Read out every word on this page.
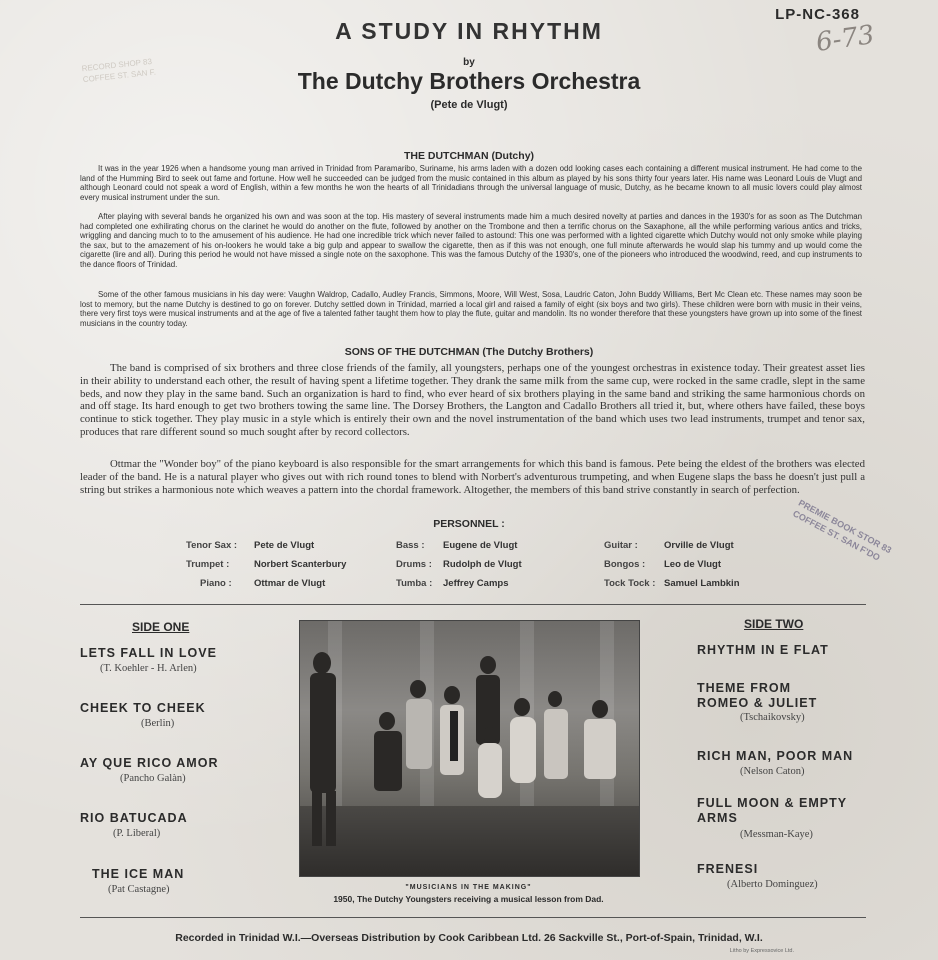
LP-NC-368
6-73
RECORD SHOP 83 COFFEE ST. SAN F.
A STUDY IN RHYTHM
by
The Dutchy Brothers Orchestra
(Pete de Vlugt)
THE DUTCHMAN (Dutchy)
It was in the year 1926 when a handsome young man arrived in Trinidad from Paramaribo, Suriname, his arms laden with a dozen odd looking cases each containing a different musical instrument. He had come to the land of the Humming Bird to seek out fame and fortune. How well he succeeded can be judged from the music contained in this album as played by his sons thirty four years later. His name was Leonard Louis de Vlugt and although Leonard could not speak a word of English, within a few months he won the hearts of all Trinidadians through the universal language of music, Dutchy, as he became known to all music lovers could play almost every musical instrument under the sun.
After playing with several bands he organized his own and was soon at the top. His mastery of several instruments made him a much desired novelty at parties and dances in the 1930's for as soon as The Dutchman had completed one exhilirating chorus on the clarinet he would do another on the flute, followed by another on the Trombone and then a terrific chorus on the Saxaphone, all the while performing various antics and tricks, wriggling and dancing much to to the amusement of his audience. He had one incredible trick which never failed to astound: This one was performed with a lighted cigarette which Dutchy would not only smoke while playing the sax, but to the amazement of his on-lookers he would take a big gulp and appear to swallow the cigarette, then as if this was not enough, one full minute afterwards he would slap his tummy and up would come the cigarette (lire and all). During this period he would not have missed a single note on the saxophone. This was the famous Dutchy of the 1930's, one of the pioneers who introduced the woodwind, reed, and cup instruments to the dance floors of Trinidad.
Some of the other famous musicians in his day were: Vaughn Waldrop, Cadallo, Audley Francis, Simmons, Moore, Will West, Sosa, Laudric Caton, John Buddy Williams, Bert Mc Clean etc. These names may soon be lost to memory, but the name Dutchy is destined to go on forever. Dutchy settled down in Trinidad, married a local girl and raised a family of eight (six boys and two girls). These children were born with music in their veins, there very first toys were musical instruments and at the age of five a talented father taught them how to play the flute, guitar and mandolin. Its no wonder therefore that these youngsters have grown up into some of the finest musicians in the country today.
SONS OF THE DUTCHMAN (The Dutchy Brothers)
The band is comprised of six brothers and three close friends of the family, all youngsters, perhaps one of the youngest orchestras in existence today. Their greatest asset lies in their ability to understand each other, the result of having spent a lifetime together. They drank the same milk from the same cup, were rocked in the same cradle, slept in the same beds, and now they play in the same band. Such an organization is hard to find, who ever heard of six brothers playing in the same band and striking the same harmonious chords on and off stage. Its hard enough to get two brothers towing the same line. The Dorsey Brothers, the Langton and Cadallo Brothers all tried it, but, where others have failed, these boys continue to stick together. They play music in a style which is entirely their own and the novel instrumentation of the band which uses two lead instruments, trumpet and tenor sax, produces that rare different sound so much sought after by record collectors.
Ottmar the "Wonder boy" of the piano keyboard is also responsible for the smart arrangements for which this band is famous. Pete being the eldest of the brothers was elected leader of the band. He is a natural player who gives out with rich round tones to blend with Norbert's adventurous trumpeting, and when Eugene slaps the bass he doesn't just pull a string but strikes a harmonious note which weaves a pattern into the chordal framework. Altogether, the members of this band strive constantly in search of perfection.
PERSONNEL :
Tenor Sax : Pete de Vlugt
Trumpet :	Norbert Scanterbury
Piano : Ottmar de Vlugt
Bass : Eugene de Vlugt
Drums : Rudolph de Vlugt
Tumba : Jeffrey Camps
Guitar :	Orville de Vlugt
Bongos : Leo de Vlugt
Tock Tock : Samuel Lambkin
PREMIE BOOK STOR 83 COFFEE ST. SAN F'DO
SIDE ONE
LETS FALL IN LOVE
(T. Koehler - H. Arlen)
CHEEK TO CHEEK
(Berlin)
AY QUE RICO AMOR
(Pancho Galàn)
RIO BATUCADA
(P. Liberal)
THE ICE MAN
(Pat Castagne)	"MUSICIANS IN THE MAKING"
1950, The Dutchy Youngsters receiving a musical lesson from Dad.
SIDE TWO
RHYTHM IN E FLAT
THEME FROM ROMEO & JULIET
(Tschaikovsky)
RICH MAN, POOR MAN
(Nelson Caton)
FULL MOON & EMPTY ARMS
(Messman-Kaye)
FRENESI
(Alberto Dominguez)
Recorded in Trinidad W.I.—Overseas Distribution by Cook Caribbean Ltd. 26 Sackville St., Port-of-Spain, Trinidad, W.I.
Litho by Expressovice Ltd.
